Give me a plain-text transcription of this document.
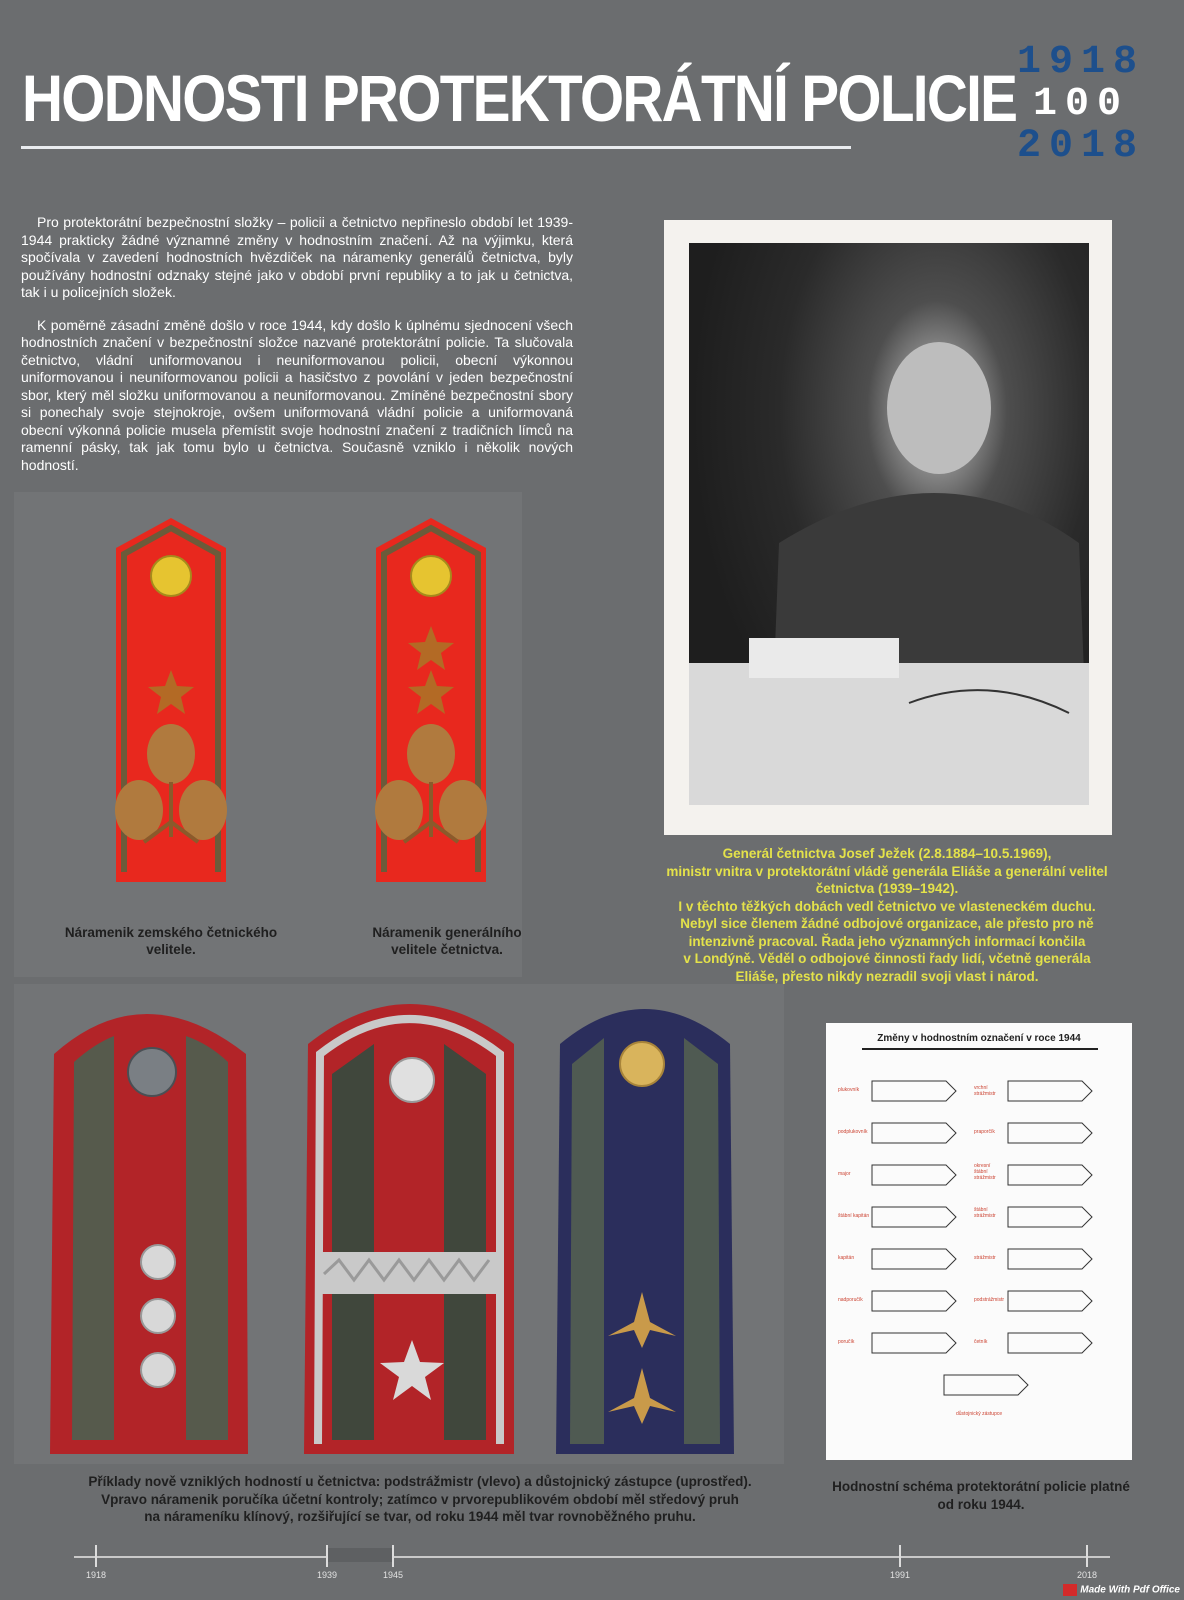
HODNOSTI PROTEKTORÁTNÍ POLICIE 1918
100
2018

Pro protektorátní bezpečnostní složky – policii a četnictvo nepřineslo období let 1939-1944 prakticky žádné významné změny v hodnostním značení. Až na výjimku, která spočívala v zavedení hodnostních hvězdiček na náramenky generálů četnictva, byly používány hodnostní odznaky stejné jako v období první republiky a to jak u četnictva, tak i u policejních složek.

K poměrně zásadní změně došlo v roce 1944, kdy došlo k úplnému sjednocení všech hodnostních značení v bezpečnostní složce nazvané protektorátní policie. Ta slučovala četnictvo, vládní uniformovanou i neuniformovanou policii, obecní výkonnou uniformovanou i neuniformovanou policii a hasičstvo z povolání v jeden bezpečnostní sbor, který měl složku uniformovanou a neuniformovanou. Zmíněné bezpečnostní sbory si ponechaly svoje stejnokroje, ovšem uniformovaná vládní policie a uniformovaná obecní výkonná policie musela přemístit svoje hodnostní značení z tradičních límců na ramenní pásky, tak jak tomu bylo u četnictva. Současně vzniklo i několik nových hodností.

Náramenik zemského četnického
velitele.
Náramenik generálního
velitele četnictva.
Generál četnictva Josef Ježek (2.8.1884–10.5.1969),
ministr vnitra v protektorátní vládě generála Eliáše a generální velitel
četnictva (1939–1942).
I v těchto těžkých dobách vedl četnictvo ve vlasteneckém duchu.
Nebyl sice členem žádné odbojové organizace, ale přesto pro ně
intenzivně pracoval. Řada jeho významných informací končila
v Londýně. Věděl o odbojové činnosti řady lidí, včetně generála
Eliáše, přesto nikdy nezradil svoji vlast i národ.
Změny v hodnostním označení v roce 1944
plukovník
podplukovník
major
štábní kapitán
kapitán
nadporučík
poručík
vrchní strážmistr
praporčík
okresní štábní strážmistr
štábní strážmistr
strážmistr
podstrážmistr
četník
důstojnický zástupce
Hodnostní schéma protektorátní policie platné
od roku 1944.
Příklady nově vzniklých hodností u četnictva: podstrážmistr (vlevo) a důstojnický zástupce (uprostřed).
Vpravo náramenik poručíka účetní kontroly; zatímco v prvorepublikovém období měl středový pruh
na nárameníku klínový, rozšiřující se tvar, od roku 1944 měl tvar rovnoběžného pruhu.
1918	1939	1945	1991	2018
Made With Pdf Office
